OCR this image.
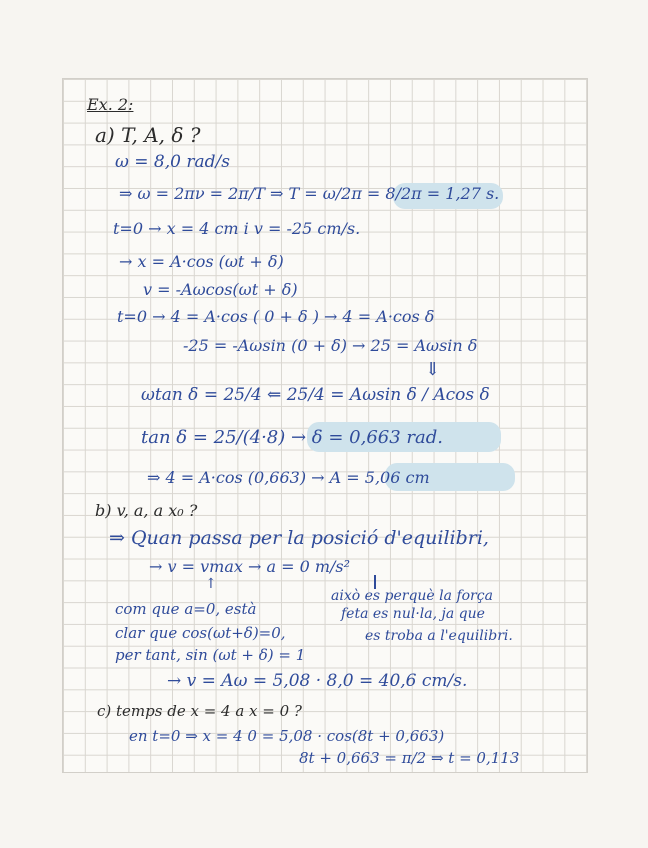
Ex. 2:
a) T, A, δ ?
ω = 8,0 rad/s
⇒ ω = 2πν = 2π/T ⇒ T = ω/2π = 8/2π = 1,27 s.
t=0 → x = 4 cm i v = -25 cm/s.
→ x = A·cos (ωt + δ)
v = -Aωcos(ωt + δ)
t=0 → 4 = A·cos ( 0 + δ ) → 4 = A·cos δ
-25 = -Aωsin (0 + δ) → 25 = Aωsin δ
⇓
ωtan δ = 25/4 ⇐ 25/4 = Aωsin δ / Acos δ
tan δ = 25/(4·8) → δ = 0,663 rad.
⇒ 4 = A·cos (0,663) → A = 5,06 cm
b) v, a, a x₀ ?
⇒ Quan passa per la posició d'equilibri,
→ v = vmax → a = 0 m/s²
↑
això es perquè la força
com que a=0, està	feta es nul·la, ja que
clar que cos(ωt+δ)=0,	es troba a l'equilibri.
per tant, sin (ωt + δ) = 1
→ v = Aω = 5,08 · 8,0 = 40,6 cm/s.
c) temps de x = 4 a x = 0 ?
en t=0 ⇒ x = 4 0 = 5,08 · cos(8t + 0,663)
8t + 0,663 = π/2 ⇒ t = 0,113
